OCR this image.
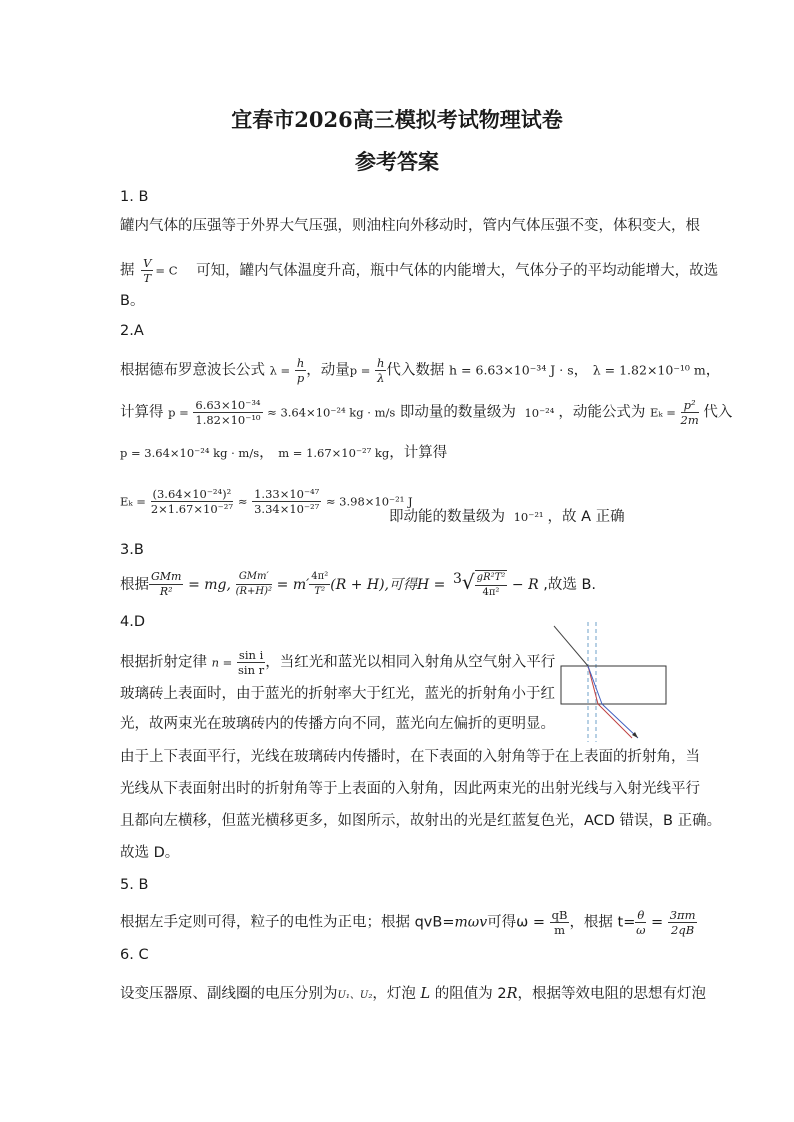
宜春市2026高三模拟考试物理试卷
参考答案
1. B
罐内气体的压强等于外界大气压强，则油柱向外移动时，管内气体压强不变，体积变大，根
据 $\frac{V}{T} = C$ 可知，罐内气体温度升高，瓶中气体的内能增大，气体分子的平均动能增大，故选
B。
2.A
根据德布罗意波长公式 $\lambda = \frac{h}{p}$ ，动量$p = \frac{h}{\lambda}$ 代入数据 h = 6.63×10⁻³⁴ J · s， λ = 1.82×10⁻¹⁰ m，
计算得 $p = \frac{\text{6.63×10⁻³⁴}}{\text{1.82×10⁻¹⁰}} \approx 3.64\times 10^{-24}$ kg · m/s 即动量的数量级为 10⁻²⁴ ，动能公式为 $E_k = \frac{\text{p²}}{2m}$ 代入
p = 3.64×10⁻²⁴ kg · m/s， m = 1.67×10⁻²⁷ kg，计算得
$E_k = \frac{\text{(3.64×10⁻²⁴)²}}{\text{2×1.67×10⁻²⁷}} \approx \frac{\text{1.33×10⁻⁴⁷}}{\text{3.34×10⁻²⁷}} \approx 3.98\times 10^{-21}$ J
即动能的数量级为 10⁻²¹ ，故 A 正确
3.B
根据 $\frac{\text{GMm}}{\text{R²}}$ = mg, $\frac{\text{GMm′}}{\text{(R+H)²}} = m' \frac{\text{4π²}}{\text{T²}} (R + H)$,可得$H = ^3√ \frac{\text{gR²T²}}{\text{4π²}} - R$ ,故选 B.
4.D
根据折射定律 $n = \frac{\text{sin i}}{\text{sin r}}$ ，当红光和蓝光以相同入射角从空气射入平行
玻璃砖上表面时，由于蓝光的折射率大于红光，蓝光的折射角小于红
光，故两束光在玻璃砖内的传播方向不同，蓝光向左偏折的更明显。
由于上下表面平行，光线在玻璃砖内传播时，在下表面的入射角等于在上表面的折射角，当
光线从下表面射出时的折射角等于上表面的入射角，因此两束光的出射光线与入射光线平行
且都向左横移，但蓝光横移更多，如图所示，故射出的光是红蓝复色光，ACD 错误，B 正确。
故选 D。
5. B
根据左手定则可得，粒子的电性为正电；根据 qvB=mωv可得$\omega = \frac{qB}{m}$ ，根据 $t= \frac{\theta}{\omega} = \frac{3\pi m}{2qB}$
6. C
设变压器原、副线圈的电压分别为U₁、U₂，灯泡 L 的阻值为 2R，根据等效电阻的思想有灯泡
